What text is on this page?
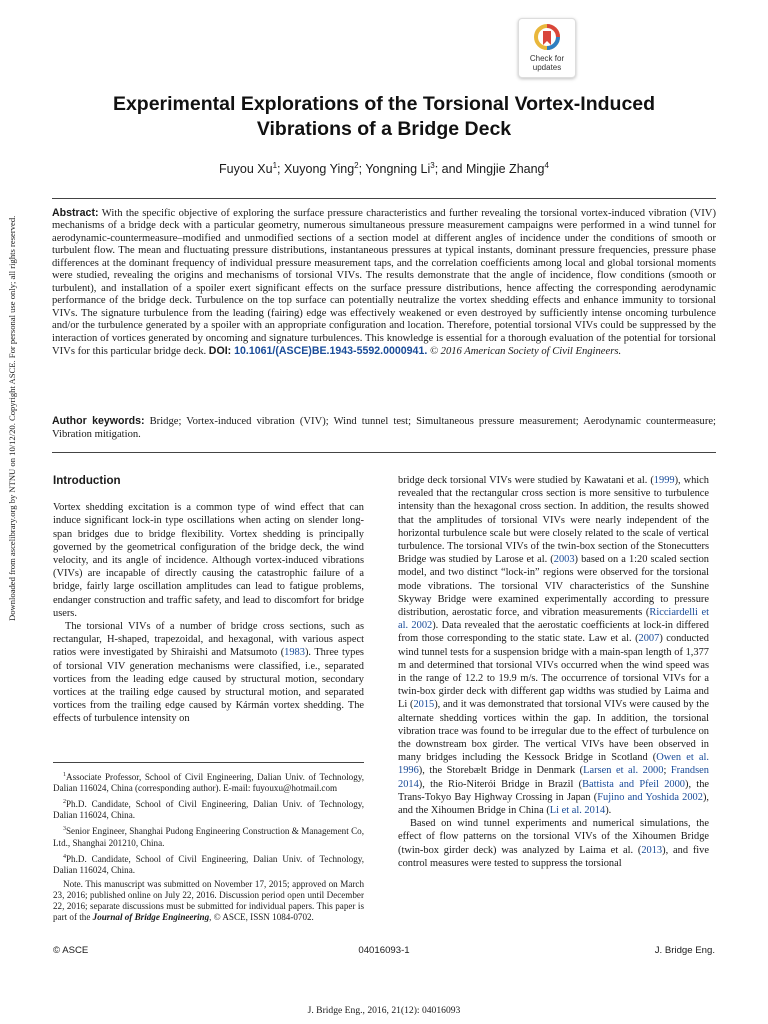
Downloaded from ascelibrary.org by NTNU on 10/12/20. Copyright ASCE. For personal use only; all rights reserved.
Check for
updates
Experimental Explorations of the Torsional Vortex-Induced
Vibrations of a Bridge Deck
Fuyou Xu$^1$; Xuyong Ying$^2$; Yongning Li$^3$; and Mingjie Zhang$^4$
Abstract: With the specific objective of exploring the surface pressure characteristics and further revealing the torsional vortex-induced vibration (VIV) mechanisms of a bridge deck with a particular geometry, numerous simultaneous pressure measurement campaigns were performed in a wind tunnel for aerodynamic-countermeasure–modified and unmodified sections of a section model at different angles of incidence under the conditions of smooth or turbulent flow. The mean and fluctuating pressure distributions, instantaneous pressures at typical instants, dominant pressure frequencies, pressure phase differences at the dominant frequency of individual pressure measurement taps, and the correlation coefficients among local and global torsional moments were studied, revealing the origins and mechanisms of torsional VIVs. The results demonstrate that the angle of incidence, flow conditions (smooth or turbulent), and installation of a spoiler exert significant effects on the surface pressure distributions, hence affecting the corresponding aerodynamic performance of the bridge deck. Turbulence on the top surface can potentially neutralize the vortex shedding effects and enhance immunity to torsional VIVs. The signature turbulence from the leading (fairing) edge was effectively weakened or even destroyed by sufficiently intense oncoming turbulence and/or the turbulence generated by a spoiler with an appropriate configuration and location. Therefore, potential torsional VIVs could be suppressed by the interaction of vortices generated by oncoming and signature turbulences. This knowledge is essential for a thorough evaluation of the potential for torsional VIVs for this particular bridge deck. DOI: 10.1061/(ASCE)BE.1943-5592.0000941. © 2016 American Society of Civil Engineers.
Author keywords: Bridge; Vortex-induced vibration (VIV); Wind tunnel test; Simultaneous pressure measurement; Aerodynamic countermeasure; Vibration mitigation.

Introduction

Vortex shedding excitation is a common type of wind effect that can induce significant lock-in type oscillations when acting on slender long-span bridges due to bridge flexibility. Vortex shedding is principally governed by the geometrical configuration of the bridge deck, the wind velocity, and its angle of incidence. Although vortex-induced vibrations (VIVs) are incapable of directly causing the catastrophic failure of a bridge, fairly large oscillation amplitudes can lead to fatigue problems, endanger construction and traffic safety, and lead to discomfort for bridge users.

The torsional VIVs of a number of bridge cross sections, such as rectangular, H-shaped, trapezoidal, and hexagonal, with various aspect ratios were investigated by Shiraishi and Matsumoto (1983). Three types of torsional VIV generation mechanisms were classified, i.e., separated vortices from the leading edge caused by structural motion, secondary vortices at the trailing edge caused by structural motion, and separated vortices from the trailing edge caused by Kármán vortex shedding. The effects of turbulence intensity on

$^1$Associate Professor, School of Civil Engineering, Dalian Univ. of Technology, Dalian 116024, China (corresponding author). E-mail: fuyouxu@hotmail.com

$^2$Ph.D. Candidate, School of Civil Engineering, Dalian Univ. of Technology, Dalian 116024, China.

$^3$Senior Engineer, Shanghai Pudong Engineering Construction & Management Co, Ltd., Shanghai 201210, China.

$^4$Ph.D. Candidate, School of Civil Engineering, Dalian Univ. of Technology, Dalian 116024, China.

Note. This manuscript was submitted on November 17, 2015; approved on March 23, 2016; published online on July 22, 2016. Discussion period open until December 22, 2016; separate discussions must be submitted for individual papers. This paper is part of the Journal of Bridge Engineering, © ASCE, ISSN 1084-0702.

bridge deck torsional VIVs were studied by Kawatani et al. (1999), which revealed that the rectangular cross section is more sensitive to turbulence intensity than the hexagonal cross section. In addition, the results showed that the amplitudes of torsional VIVs were nearly independent of the horizontal turbulence scale but were closely related to the scale of vertical turbulence. The torsional VIVs of the twin-box section of the Stonecutters Bridge was studied by Larose et al. (2003) based on a 1:20 scaled section model, and two distinct “lock-in” regions were observed for the torsional mode vibrations. The torsional VIV characteristics of the Sunshine Skyway Bridge were examined experimentally according to pressure distribution, aerostatic force, and vibration measurements (Ricciardelli et al. 2002). Data revealed that the aerostatic coefficients at lock-in differed from those corresponding to the static state. Law et al. (2007) conducted wind tunnel tests for a suspension bridge with a main-span length of 1,377 m and determined that torsional VIVs occurred when the wind speed was in the range of 12.2 to 19.9 m/s. The occurrence of torsional VIVs for a twin-box girder deck with different gap widths was studied by Laima and Li (2015), and it was demonstrated that torsional VIVs were caused by the alternate shedding vortices within the gap. In addition, the torsional vibration trace was found to be irregular due to the effect of turbulence on the downstream box girder. The vertical VIVs have been observed in many bridges including the Kessock Bridge in Scotland (Owen et al. 1996), the Storebælt Bridge in Denmark (Larsen et al. 2000; Frandsen 2014), the Rio-Niterói Bridge in Brazil (Battista and Pfeil 2000), the Trans-Tokyo Bay Highway Crossing in Japan (Fujino and Yoshida 2002), and the Xihoumen Bridge in China (Li et al. 2014).

Based on wind tunnel experiments and numerical simulations, the effect of flow patterns on the torsional VIVs of the Xihoumen Bridge (twin-box girder deck) was analyzed by Laima et al. (2013), and five control measures were tested to suppress the torsional

© ASCE	04016093-1	J. Bridge Eng.
J. Bridge Eng., 2016, 21(12): 04016093
